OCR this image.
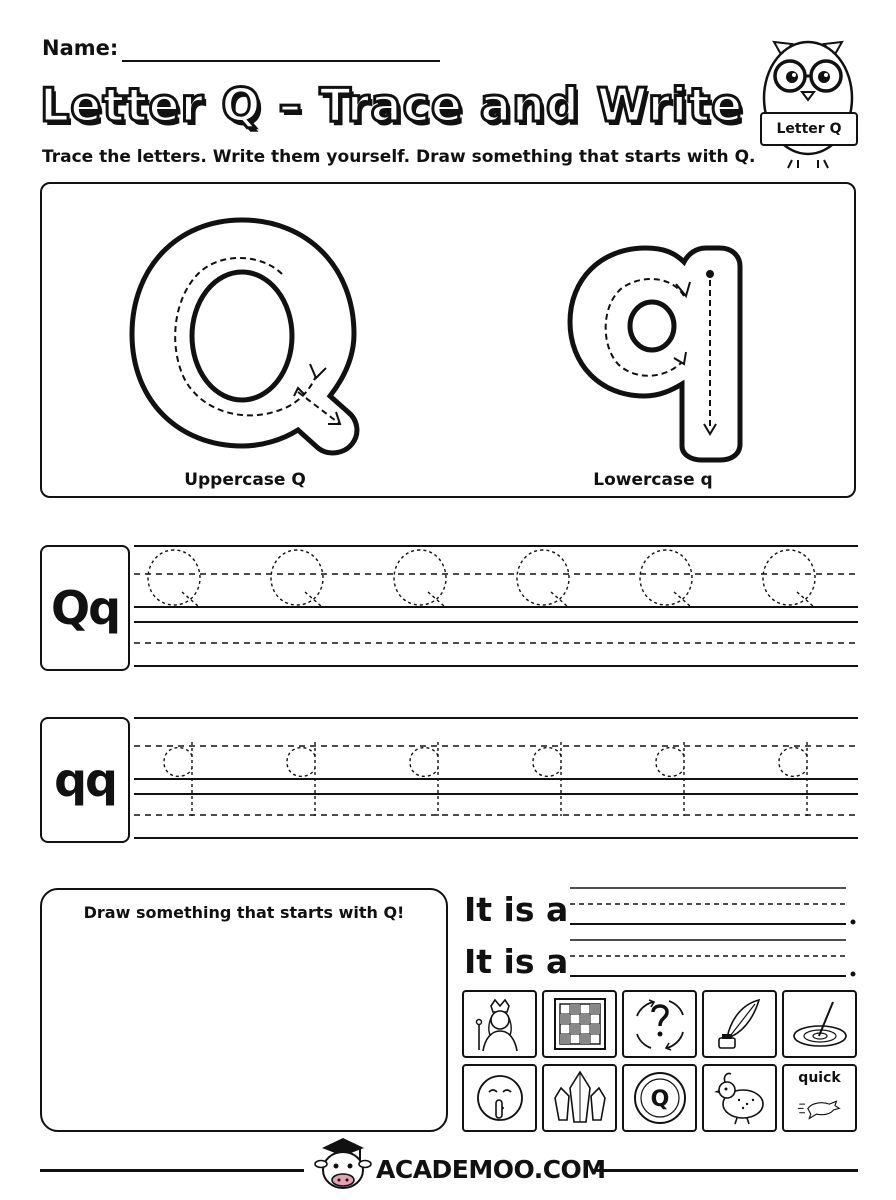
Name:
Letter Q – Trace and Write
Trace the letters. Write them yourself. Draw something that starts with Q.
Letter Q
Uppercase Q	Lowercase q
Qq
qq
Draw something that starts with Q!	It is a
It is a
Q
quick
ACADEMOO.COM
